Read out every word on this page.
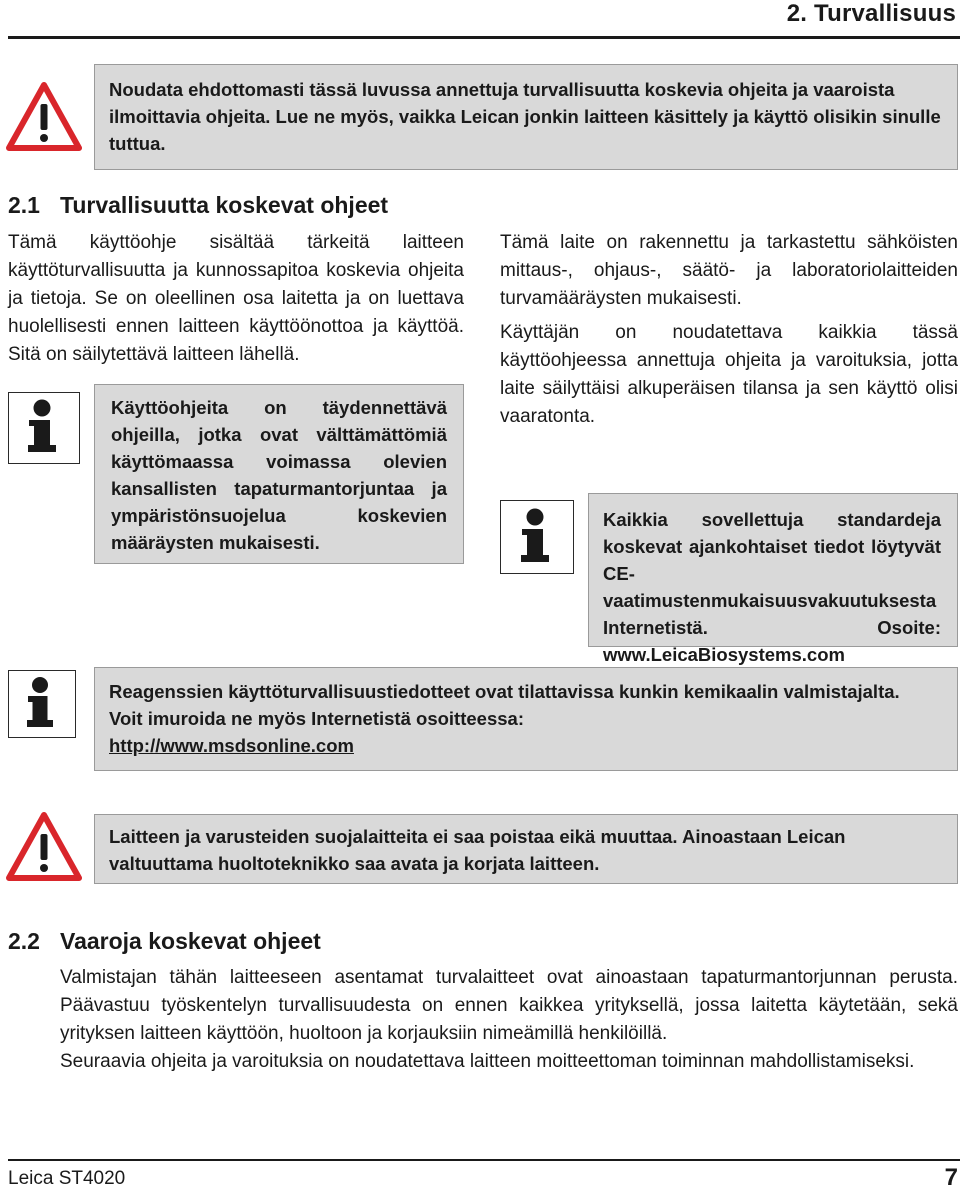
2. Turvallisuus

Noudata ehdottomasti tässä luvussa annettuja turvallisuutta koskevia ohjeita ja vaaroista ilmoittavia ohjeita. Lue ne myös, vaikka Leican jonkin laitteen käsittely ja käyttö olisikin sinulle tuttua.

2.1 Turvallisuutta koskevat ohjeet

Tämä käyttöohje sisältää tärkeitä laitteen käyttöturvallisuutta ja kunnossapitoa koskevia ohjeita ja tietoja. Se on oleellinen osa laitetta ja on luettava huolellisesti ennen laitteen käyttöönottoa ja käyttöä. Sitä on säilytettävä laitteen lähellä.

Käyttöohjeita on täydennettävä ohjeilla, jotka ovat välttämättömiä käyttömaassa voimassa olevien kansallisten tapaturmantorjuntaa ja ympäristönsuojelua koskevien määräysten mukaisesti.

Tämä laite on rakennettu ja tarkastettu sähköisten mittaus-, ohjaus-, säätö- ja laboratoriolaitteiden turvamääräysten mukaisesti.

Käyttäjän on noudatettava kaikkia tässä käyttöohjeessa annettuja ohjeita ja varoituksia, jotta laite säilyttäisi alkuperäisen tilansa ja sen käyttö olisi vaaratonta.

Kaikkia sovellettuja standardeja koskevat ajankohtaiset tiedot löytyvät CE-vaatimustenmukaisuusvakuutuksesta Internetistä. Osoite: www.LeicaBiosystems.com

Reagenssien käyttöturvallisuustiedotteet ovat tilattavissa kunkin kemikaalin valmistajalta.

Voit imuroida ne myös Internetistä osoitteessa:

http://www.msdsonline.com

Laitteen ja varusteiden suojalaitteita ei saa poistaa eikä muuttaa. Ainoastaan Leican valtuuttama huoltoteknikko saa avata ja korjata laitteen.

2.2 Vaaroja koskevat ohjeet

Valmistajan tähän laitteeseen asentamat turvalaitteet ovat ainoastaan tapaturmantorjunnan perusta. Päävastuu työskentelyn turvallisuudesta on ennen kaikkea yrityksellä, jossa laitetta käytetään, sekä yrityksen laitteen käyttöön, huoltoon ja korjauksiin nimeämillä henkilöillä.

Seuraavia ohjeita ja varoituksia on noudatettava laitteen moitteettoman toiminnan mahdollistamiseksi.

Leica ST4020	7
